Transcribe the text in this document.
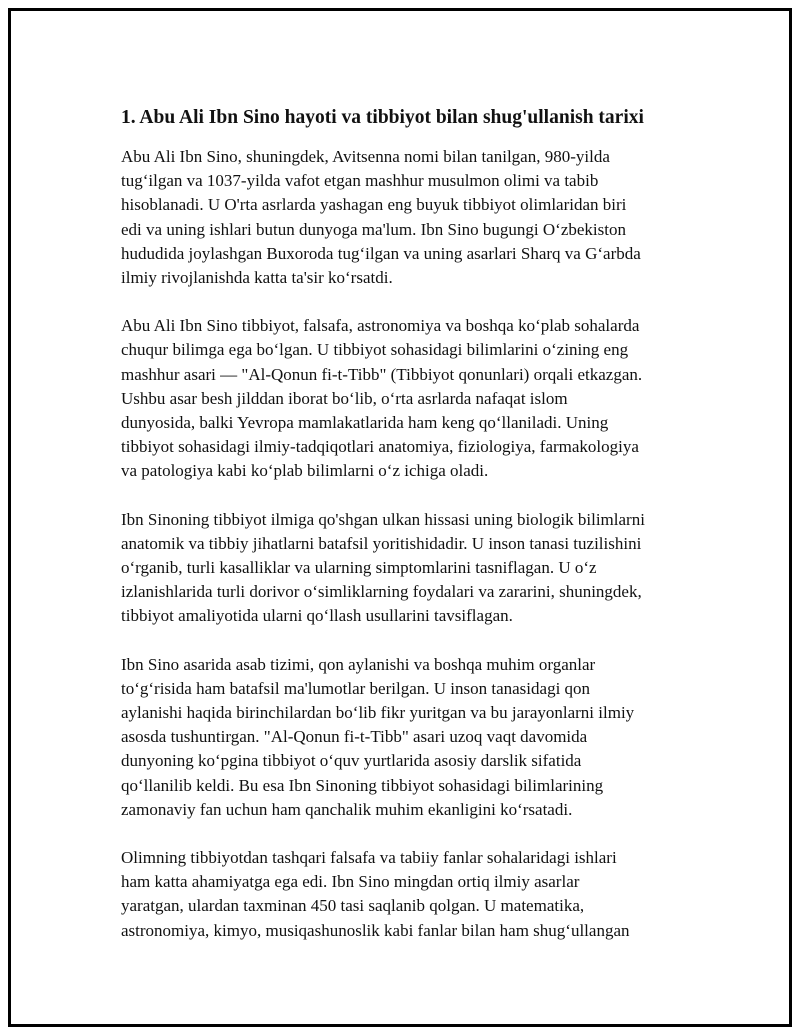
1. Abu Ali Ibn Sino hayoti va tibbiyot bilan shug'ullanish tarixi

Abu Ali Ibn Sino, shuningdek, Avitsenna nomi bilan tanilgan, 980-yilda
tug‘ilgan va 1037-yilda vafot etgan mashhur musulmon olimi va tabib
hisoblanadi. U O'rta asrlarda yashagan eng buyuk tibbiyot olimlaridan biri
edi va uning ishlari butun dunyoga ma'lum. Ibn Sino bugungi O‘zbekiston
hududida joylashgan Buxoroda tug‘ilgan va uning asarlari Sharq va G‘arbda
ilmiy rivojlanishda katta ta'sir ko‘rsatdi.

Abu Ali Ibn Sino tibbiyot, falsafa, astronomiya va boshqa ko‘plab sohalarda
chuqur bilimga ega bo‘lgan. U tibbiyot sohasidagi bilimlarini o‘zining eng
mashhur asari — "Al-Qonun fi-t-Tibb" (Tibbiyot qonunlari) orqali etkazgan.
Ushbu asar besh jilddan iborat bo‘lib, o‘rta asrlarda nafaqat islom
dunyosida, balki Yevropa mamlakatlarida ham keng qo‘llaniladi. Uning
tibbiyot sohasidagi ilmiy-tadqiqotlari anatomiya, fiziologiya, farmakologiya
va patologiya kabi ko‘plab bilimlarni o‘z ichiga oladi.

Ibn Sinoning tibbiyot ilmiga qo'shgan ulkan hissasi uning biologik bilimlarni
anatomik va tibbiy jihatlarni batafsil yoritishidadir. U inson tanasi tuzilishini
o‘rganib, turli kasalliklar va ularning simptomlarini tasniflagan. U o‘z
izlanishlarida turli dorivor o‘simliklarning foydalari va zararini, shuningdek,
tibbiyot amaliyotida ularni qo‘llash usullarini tavsiflagan.

Ibn Sino asarida asab tizimi, qon aylanishi va boshqa muhim organlar
to‘g‘risida ham batafsil ma'lumotlar berilgan. U inson tanasidagi qon
aylanishi haqida birinchilardan bo‘lib fikr yuritgan va bu jarayonlarni ilmiy
asosda tushuntirgan. "Al-Qonun fi-t-Tibb" asari uzoq vaqt davomida
dunyoning ko‘pgina tibbiyot o‘quv yurtlarida asosiy darslik sifatida
qo‘llanilib keldi. Bu esa Ibn Sinoning tibbiyot sohasidagi bilimlarining
zamonaviy fan uchun ham qanchalik muhim ekanligini ko‘rsatadi.

Olimning tibbiyotdan tashqari falsafa va tabiiy fanlar sohalaridagi ishlari
ham katta ahamiyatga ega edi. Ibn Sino mingdan ortiq ilmiy asarlar
yaratgan, ulardan taxminan 450 tasi saqlanib qolgan. U matematika,
astronomiya, kimyo, musiqashunoslik kabi fanlar bilan ham shug‘ullangan
